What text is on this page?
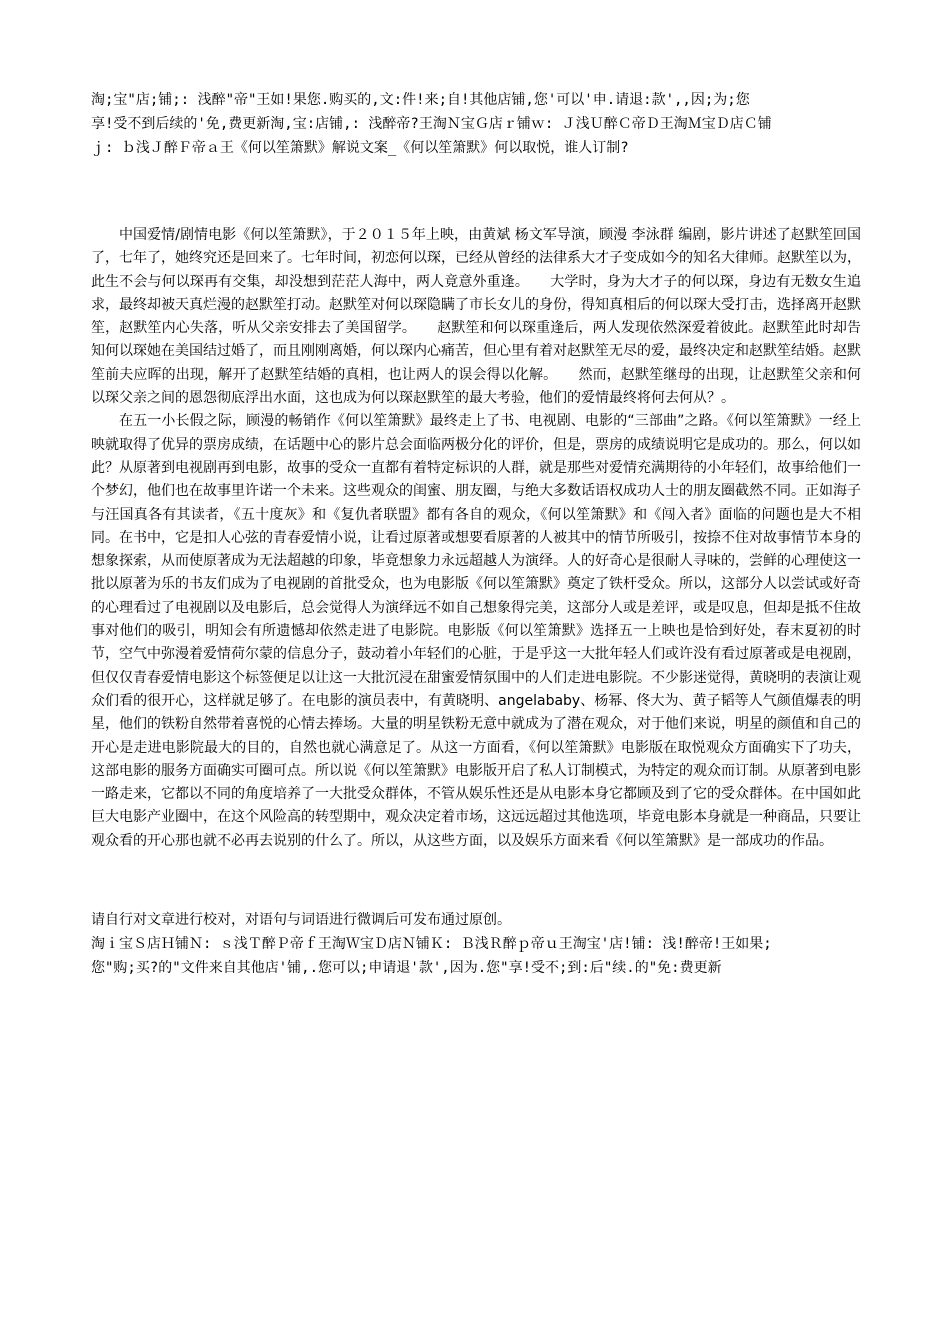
淘;宝"店;铺;: 浅醉"帝"王如!果您.购买的,文:件!来;自!其他店铺,您'可以'申.请退:款',,因;为;您
享!受不到后续的'免,费更新淘,宝:店铺,: 浅醉帝?王淘Ｎ宝Ｇ店ｒ铺ｗ: Ｊ浅Ｕ醉Ｃ帝Ｄ王淘Ｍ宝Ｄ店Ｃ铺
ｊ: ｂ浅Ｊ醉Ｆ帝ａ王《何以笙箫默》解说文案_《何以笙箫默》何以取悦，谁人订制?

中国爱情/剧情电影《何以笙箫默》，于２０１５年上映，由黄斌 杨文军导演，顾漫 李泳群 编剧，影片讲述了赵默笙回国了，七年了，她终究还是回来了。七年时间，初恋何以琛，已经从曾经的法律系大才子变成如今的知名大律师。赵默笙以为，此生不会与何以琛再有交集，却没想到茫茫人海中，两人竟意外重逢。　　大学时，身为大才子的何以琛，身边有无数女生追求，最终却被天真烂漫的赵默笙打动。赵默笙对何以琛隐瞒了市长女儿的身份，得知真相后的何以琛大受打击，选择离开赵默笙，赵默笙内心失落，听从父亲安排去了美国留学。　　赵默笙和何以琛重逢后，两人发现依然深爱着彼此。赵默笙此时却告知何以琛她在美国结过婚了，而且刚刚离婚，何以琛内心痛苦，但心里有着对赵默笙无尽的爱，最终决定和赵默笙结婚。赵默笙前夫应晖的出现，解开了赵默笙结婚的真相，也让两人的误会得以化解。　　然而，赵默笙继母的出现，让赵默笙父亲和何以琛父亲之间的恩怨彻底浮出水面，这也成为何以琛赵默笙的最大考验，他们的爱情最终将何去何从？。

在五一小长假之际，顾漫的畅销作《何以笙箫默》最终走上了书、电视剧、电影的“三部曲”之路。《何以笙箫默》一经上映就取得了优异的票房成绩，在话题中心的影片总会面临两极分化的评价，但是，票房的成绩说明它是成功的。那么，何以如此？从原著到电视剧再到电影，故事的受众一直都有着特定标识的人群，就是那些对爱情充满期待的小年轻们，故事给他们一个梦幻，他们也在故事里许诺一个未来。这些观众的闺蜜、朋友圈，与绝大多数话语权成功人士的朋友圈截然不同。正如海子与汪国真各有其读者，《五十度灰》和《复仇者联盟》都有各自的观众，《何以笙箫默》和《闯入者》面临的问题也是大不相同。在书中，它是扣人心弦的青春爱情小说，让看过原著或想要看原著的人被其中的情节所吸引，按捺不住对故事情节本身的想象探索，从而使原著成为无法超越的印象，毕竟想象力永远超越人为演绎。人的好奇心是很耐人寻味的，尝鲜的心理使这一批以原著为乐的书友们成为了电视剧的首批受众，也为电影版《何以笙箫默》奠定了铁杆受众。所以，这部分人以尝试或好奇的心理看过了电视剧以及电影后，总会觉得人为演绎远不如自己想象得完美，这部分人或是差评，或是叹息，但却是抵不住故事对他们的吸引，明知会有所遗憾却依然走进了电影院。电影版《何以笙箫默》选择五一上映也是恰到好处，春末夏初的时节，空气中弥漫着爱情荷尔蒙的信息分子，鼓动着小年轻们的心脏，于是乎这一大批年轻人们或许没有看过原著或是电视剧，但仅仅青春爱情电影这个标签便足以让这一大批沉浸在甜蜜爱情氛围中的人们走进电影院。不少影迷觉得，黄晓明的表演让观众们看的很开心，这样就足够了。在电影的演员表中，有黄晓明、angelababy、杨幂、佟大为、黄子韬等人气颜值爆表的明星，他们的铁粉自然带着喜悦的心情去捧场。大量的明星铁粉无意中就成为了潜在观众，对于他们来说，明星的颜值和自己的开心是走进电影院最大的目的，自然也就心满意足了。从这一方面看，《何以笙箫默》电影版在取悦观众方面确实下了功夫，这部电影的服务方面确实可圈可点。所以说《何以笙箫默》电影版开启了私人订制模式，为特定的观众而订制。从原著到电影一路走来，它都以不同的角度培养了一大批受众群体，不管从娱乐性还是从电影本身它都顾及到了它的受众群体。在中国如此巨大电影产业圈中，在这个风险高的转型期中，观众决定着市场，这远远超过其他选项，毕竟电影本身就是一种商品，只要让观众看的开心那也就不必再去说别的什么了。所以，从这些方面，以及娱乐方面来看《何以笙箫默》是一部成功的作品。

请自行对文章进行校对，对语句与词语进行微调后可发布通过原创。
淘ｉ宝Ｓ店Ｈ铺Ｎ: ｓ浅Ｔ醉Ｐ帝ｆ王淘Ｗ宝Ｄ店Ｎ铺Ｋ: Ｂ浅Ｒ醉ｐ帝ｕ王淘宝'店!铺: 浅!醉帝!王如果;
您"购;买?的"文件来自其他店'铺,.您可以;申请退'款',因为.您"享!受不;到:后"续.的"免:费更新
